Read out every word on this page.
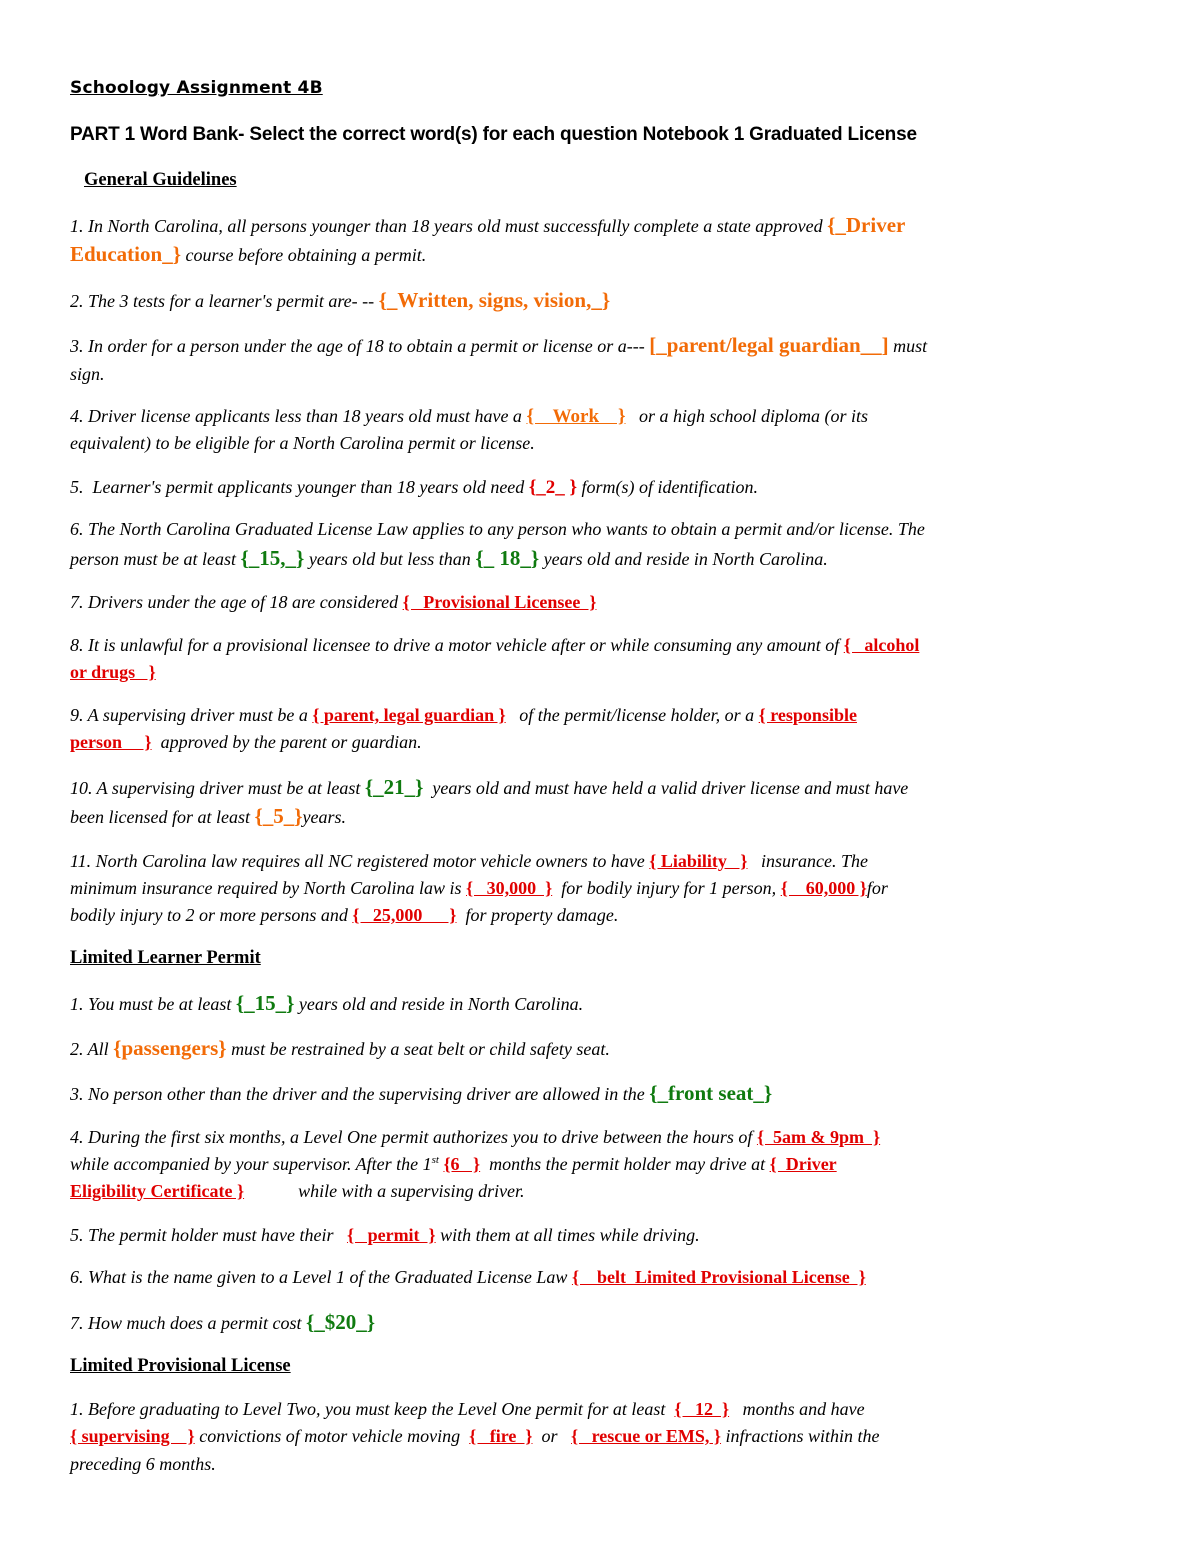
Schoology Assignment 4B
PART 1 Word Bank- Select the correct word(s) for each question Notebook 1 Graduated License
General Guidelines
1. In North Carolina, all persons younger than 18 years old must successfully complete a state approved {_Driver
Education_} course before obtaining a permit.
2. The 3 tests for a learner's permit are- -- {_Written, signs, vision,_}
3. In order for a person under the age of 18 to obtain a permit or license or a--- [_parent/legal guardian__] must
sign.
4. Driver license applicants less than 18 years old must have a {    Work    }   or a high school diploma (or its
equivalent) to be eligible for a North Carolina permit or license.
5.  Learner's permit applicants younger than 18 years old need {_2_ } form(s) of identification.
6. The North Carolina Graduated License Law applies to any person who wants to obtain a permit and/or license. The
person must be at least {_15,_} years old but less than {_ 18_} years old and reside in North Carolina.
7. Drivers under the age of 18 are considered {   Provisional Licensee  }
8. It is unlawful for a provisional licensee to drive a motor vehicle after or while consuming any amount of {   alcohol
or drugs   }
9. A supervising driver must be a { parent, legal guardian }   of the permit/license holder, or a { responsible
person     }  approved by the parent or guardian.
10. A supervising driver must be at least {_21_}  years old and must have held a valid driver license and must have
been licensed for at least {_5_}years.
11. North Carolina law requires all NC registered motor vehicle owners to have { Liability   }   insurance. The
minimum insurance required by North Carolina law is {   30,000  }  for bodily injury for 1 person, {    60,000 }for
bodily injury to 2 or more persons and {   25,000      }  for property damage.
Limited Learner Permit
1. You must be at least {_15_} years old and reside in North Carolina.
2. All {passengers} must be restrained by a seat belt or child safety seat.
3. No person other than the driver and the supervising driver are allowed in the {_front seat_}
4. During the first six months, a Level One permit authorizes you to drive between the hours of {  5am & 9pm  }
while accompanied by your supervisor. After the 1st {6   }  months the permit holder may drive at {  Driver
Eligibility Certificate }            while with a supervising driver.
5. The permit holder must have their   {   permit  } with them at all times while driving.
6. What is the name given to a Level 1 of the Graduated License Law {    belt  Limited Provisional License  }
7. How much does a permit cost {_$20_}
Limited Provisional License
1. Before graduating to Level Two, you must keep the Level One permit for at least  {   12  }   months and have
{ supervising    } convictions of motor vehicle moving  {   fire  }  or   {   rescue or EMS, } infractions within the
preceding 6 months.
